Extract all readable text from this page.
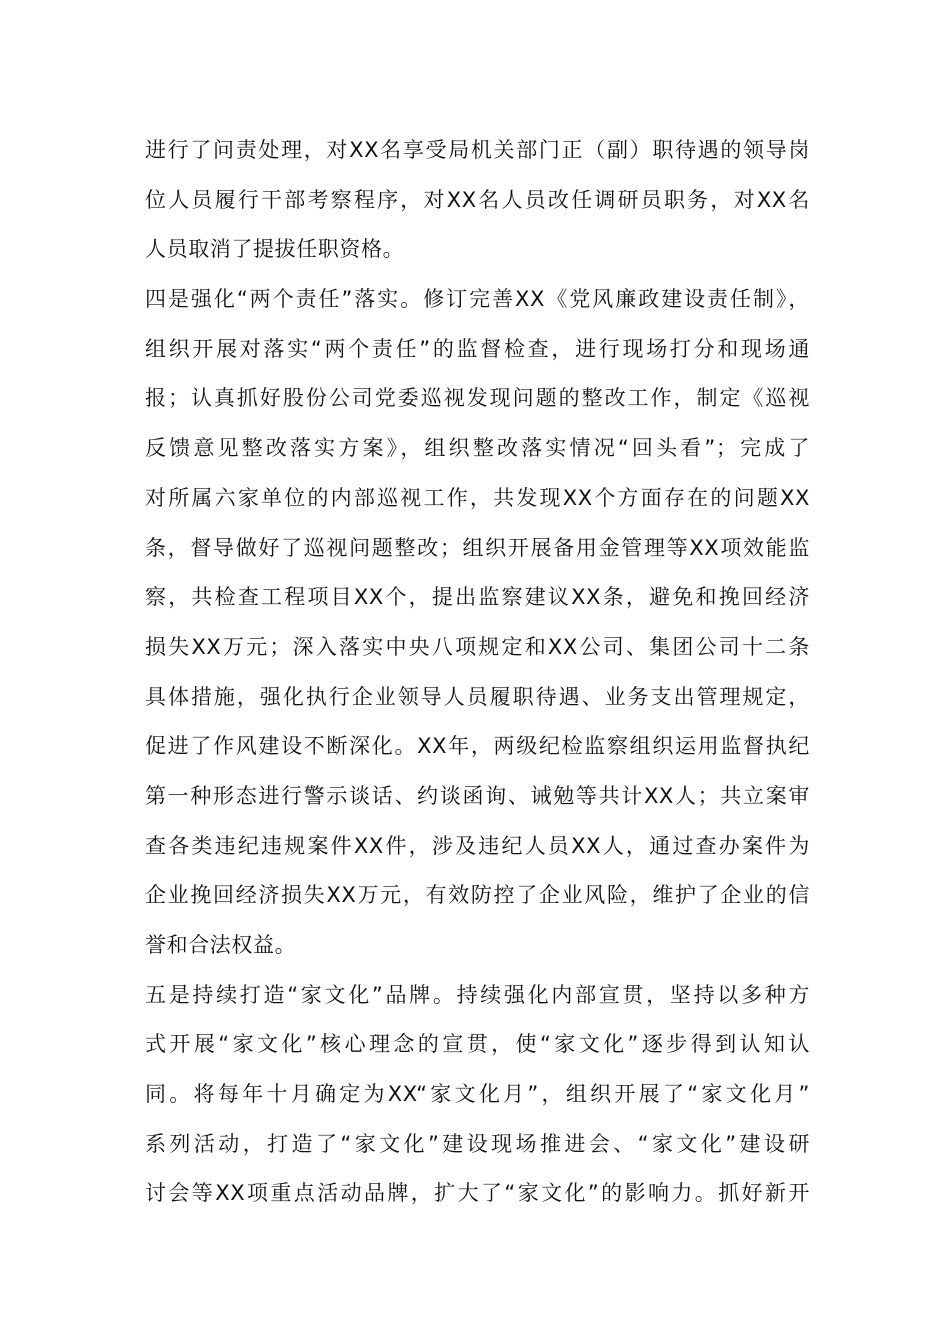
进行了问责处理，对XX名享受局机关部门正（副）职待遇的领导岗
位人员履行干部考察程序，对XX名人员改任调研员职务，对XX名
人员取消了提拔任职资格。
四是强化“两个责任”落实。修订完善XX《党风廉政建设责任制》，
组织开展对落实“两个责任”的监督检查，进行现场打分和现场通
报；认真抓好股份公司党委巡视发现问题的整改工作，制定《巡视
反馈意见整改落实方案》，组织整改落实情况“回头看”；完成了
对所属六家单位的内部巡视工作，共发现XX个方面存在的问题XX
条，督导做好了巡视问题整改；组织开展备用金管理等XX项效能监
察，共检查工程项目XX个，提出监察建议XX条，避免和挽回经济
损失XX万元；深入落实中央八项规定和XX公司、集团公司十二条
具体措施，强化执行企业领导人员履职待遇、业务支出管理规定，
促进了作风建设不断深化。XX年，两级纪检监察组织运用监督执纪
第一种形态进行警示谈话、约谈函询、诫勉等共计XX人；共立案审
查各类违纪违规案件XX件，涉及违纪人员XX人，通过查办案件为
企业挽回经济损失XX万元，有效防控了企业风险，维护了企业的信
誉和合法权益。
五是持续打造“家文化”品牌。持续强化内部宣贯，坚持以多种方
式开展“家文化”核心理念的宣贯，使“家文化”逐步得到认知认
同。将每年十月确定为XX“家文化月”，组织开展了“家文化月”
系列活动，打造了“家文化”建设现场推进会、“家文化”建设研
讨会等XX项重点活动品牌，扩大了“家文化”的影响力。抓好新开
